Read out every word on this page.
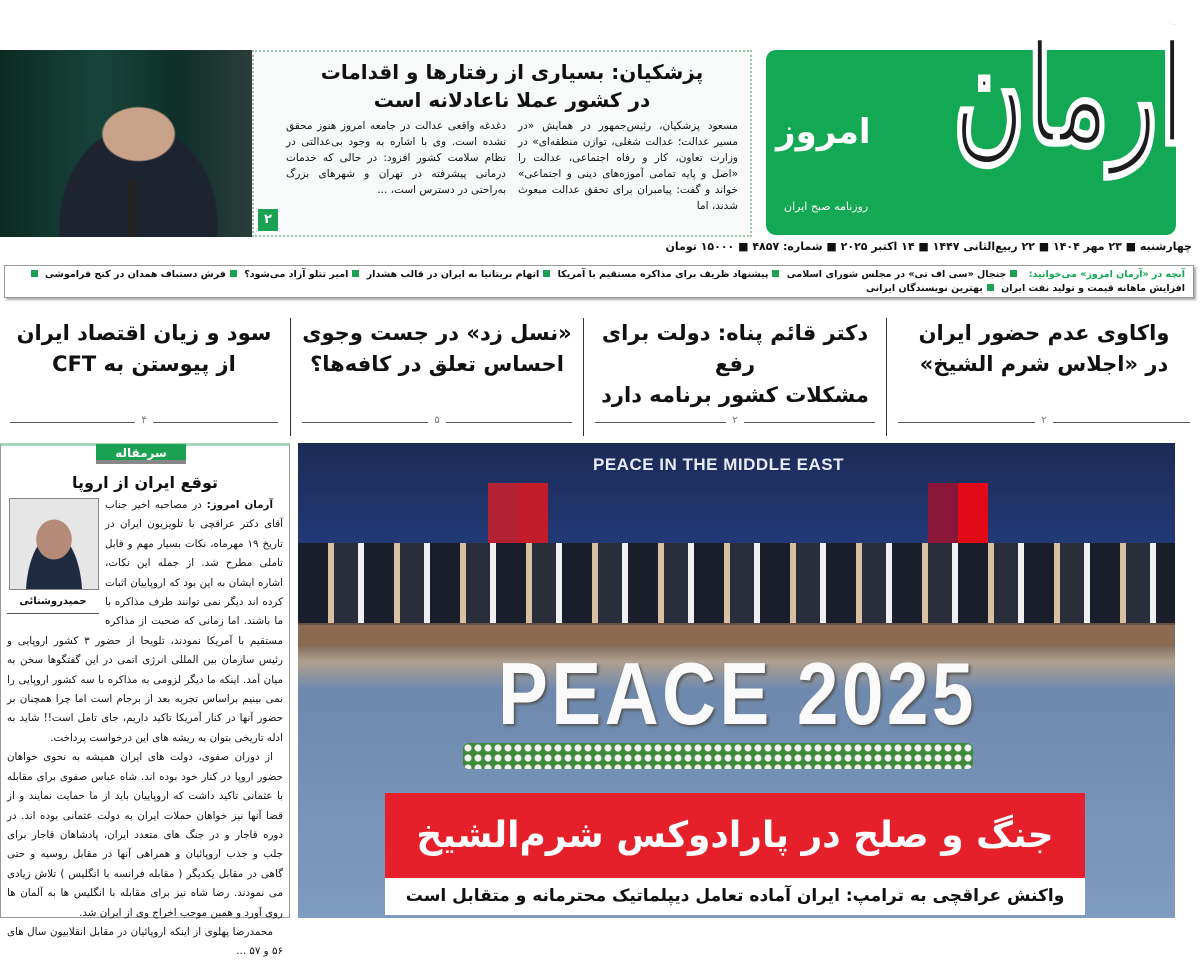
پزشکیان: بسیاری از رفتارها و اقدامات
در کشور عملا ناعادلانه است

مسعود پزشکیان، رئیس‌جمهور در همایش «در مسیر عدالت؛ عدالت شغلی، توازن منطقه‌ای» در وزارت تعاون، کار و رفاه اجتماعی، عدالت را «اصل و پایه تمامی آموزه‌های دینی و اجتماعی» خواند و گفت: پیامبران برای تحقق عدالت مبعوث شدند، اما

دغدغه واقعی عدالت در جامعه امروز هنوز محقق نشده است. وی با اشاره به وجود بی‌عدالتی در نظام سلامت کشور افزود: در حالی که خدمات درمانی پیشرفته در تهران و شهرهای بزرگ به‌راحتی در دسترس است، ...

۲
آرمان
امروز
روزنامه صبح ایران
چهارشنبه ■ ۲۳ مهر ۱۴۰۴ ■ ۲۲ ربیع‌الثانی ۱۴۴۷ ■ ۱۴ اکتبر ۲۰۲۵ ■ شماره: ۴۸۵۷ ■ ۱۵۰۰۰ تومان
آنچه در «آرمان امروز» می‌خوانید: جنجال «سی اف تی» در مجلس شورای اسلامی پیشنهاد ظریف برای مذاکره مستقیم با آمریکا اتهام بریتانیا به ایران در قالب هشدار امیر تتلو آزاد می‌شود؟ فرش دستباف همدان در کنج فراموشی افزایش ماهانه قیمت و تولید نفت ایران بهترین نویسندگان ایرانی
واکاوی عدم حضور ایران
در «اجلاس شرم الشیخ»
۲
دکتر قائم پناه: دولت برای رفع
مشکلات کشور برنامه دارد
۲
«نسل زد» در جست وجوی
احساس تعلق در کافه‌ها؟
۵
سود و زیان اقتصاد ایران
از پیوستن به CFT
۴
سرمقاله
توقع ایران از اروپا
حمیدروشنائی

آرمان امروز: در مصاحبه اخیر جناب آقای دکتر عراقچی با تلویزیون ایران در تاریخ ۱۹ مهرماه، نکات بسیار مهم و قابل تاملی مطرح شد. از جمله این نکات، اشاره ایشان به این بود که اروپاییان اثبات کرده اند دیگر نمی توانند طرف مذاکره با ما باشند. اما زمانی که صحبت از مذاکره مستقیم با آمریکا نمودند، تلویحا از حضور ۳ کشور اروپایی و رئیس سازمان بین المللی انرژی اتمی در این گفتگوها سخن به میان آمد. اینکه ما دیگر لزومی به مذاکره با سه کشور اروپایی را نمی بینیم براساس تجربه بعد از برجام است اما چرا همچنان بر حضور آنها در کنار آمریکا تاکید داریم، جای تامل است!! شاید به ادله تاریخی بتوان به ریشه های این درخواست پرداخت.

از دوران صفوی، دولت های ایران همیشه به نحوی خواهان حضور اروپا در کنار خود بوده اند. شاه عباس صفوی برای مقابله با عثمانی تاکید داشت که اروپاییان باید از ما حمایت نمایند و از قضا آنها نیز خواهان حملات ایران به دولت عثمانی بوده اند. در دوره قاجار و در جنگ های متعدد ایران، پادشاهان قاجار برای جلب و جذب اروپائیان و همراهی آنها در مقابل روسیه و حتی گاهی در مقابل یکدیگر ( مقابله فرانسه با انگلیس ) تلاش زیادی می نمودند. رضا شاه نیز برای مقابله با انگلیس ها به آلمان ها روی آورد و همین موجب اخراج وی از ایران شد.

محمدرضا پهلوی از اینکه اروپائیان در مقابل انقلابیون سال های ۵۶ و ۵۷ ...

PEACE IN THE MIDDLE EAST
PEACE 2025
جنگ و صلح در پارادوکس شرم‌الشیخ
واکنش عراقچی به ترامپ: ایران آماده تعامل دیپلماتیک محترمانه و متقابل است
